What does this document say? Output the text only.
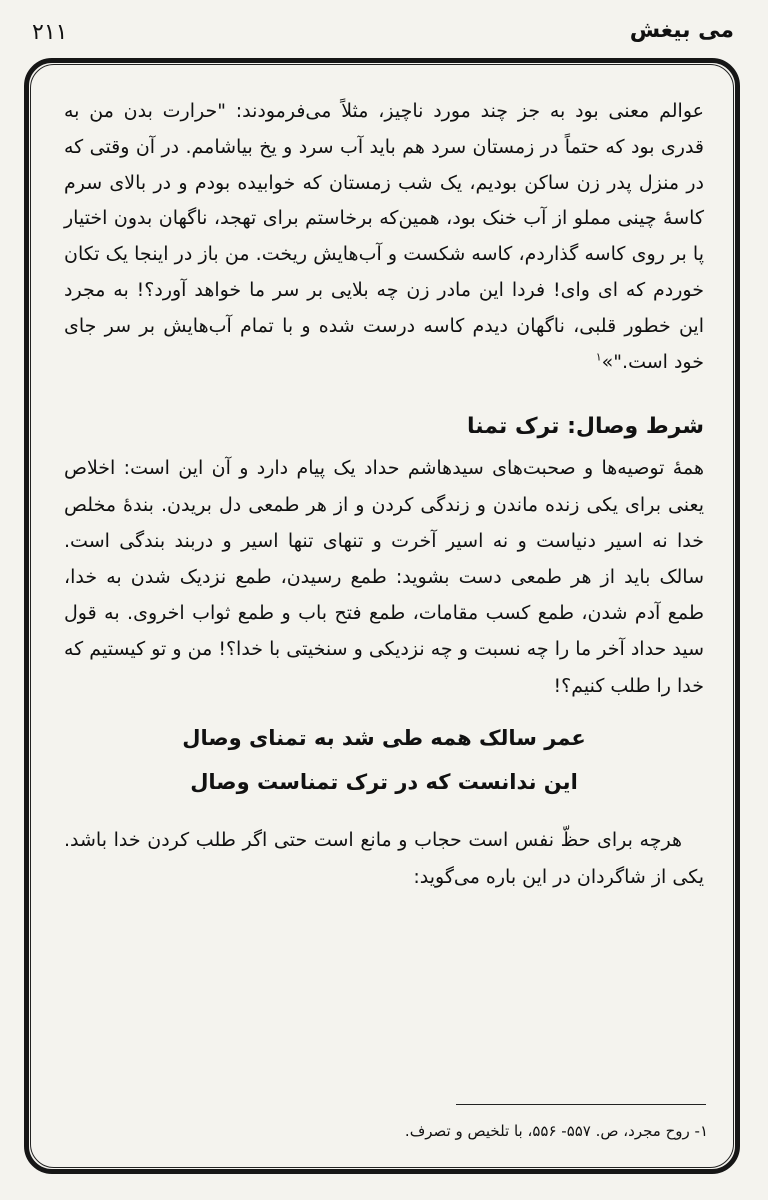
می بیغش
۲۱۱

عوالم معنی بود به جز چند مورد ناچیز، مثلاً می‌فرمودند: "حرارت بدن من به قدری بود که حتماً در زمستان سرد هم باید آب سرد و یخ بیاشامم. در آن وقتی که در منزل پدر زن ساکن بودیم، یک شب زمستان که خوابیده بودم و در بالای سرم کاسهٔ چینی مملو از آب خنک بود، همین‌که برخاستم برای تهجد، ناگهان بدون اختیار پا بر روی کاسه گذاردم، کاسه شکست و آب‌هایش ریخت. من باز در اینجا یک تکان خوردم که ای وای! فردا این مادر زن چه بلایی بر سر ما خواهد آورد؟! به مجرد این خطور قلبی، ناگهان دیدم کاسه درست شده و با تمام آب‌هایش بر سر جای خود است."»$^١$

شرط وصال: ترک تمنا

همهٔ توصیه‌ها و صحبت‌های سیدهاشم حداد یک پیام دارد و آن این است: اخلاص یعنی برای یکی زنده ماندن و زندگی کردن و از هر طمعی دل بریدن. بندهٔ مخلص خدا نه اسیر دنیاست و نه اسیر آخرت و تنهای تنها اسیر و دربند بندگی است. سالک باید از هر طمعی دست بشوید: طمع رسیدن، طمع نزدیک شدن به خدا، طمع آدم شدن، طمع کسب مقامات، طمع فتح باب و طمع ثواب اخروی. به قول سید حداد آخر ما را چه نسبت و چه نزدیکی و سنخیتی با خدا؟! من و تو کیستیم که خدا را طلب کنیم؟!

عمر سالک همه طی شد به تمنای وصال
این ندانست که در ترک تمناست وصال

هرچه برای حظّ نفس است حجاب و مانع است حتی اگر طلب کردن خدا باشد. یکی از شاگردان در این باره می‌گوید:

١- روح مجرد، ص. ۵۵۷- ۵۵۶، با تلخیص و تصرف.
